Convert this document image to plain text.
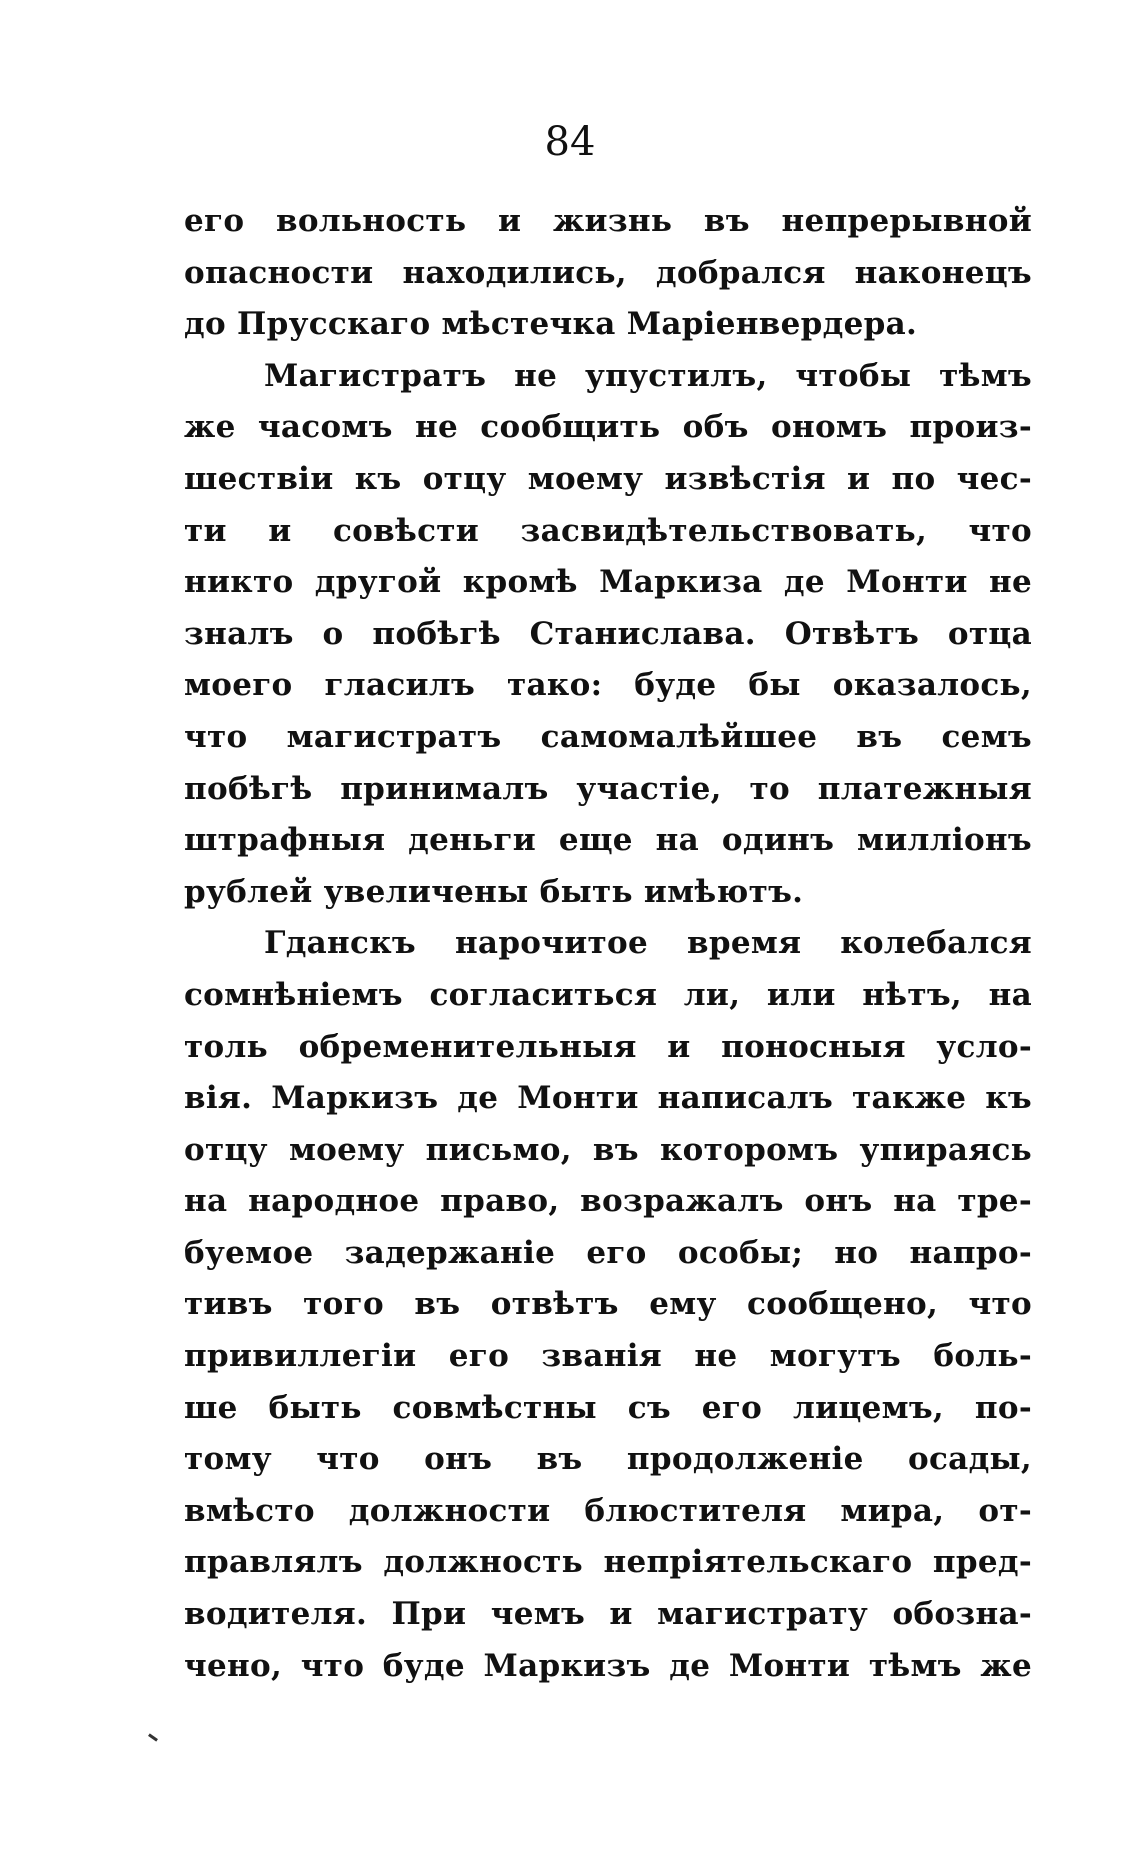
84
его вольность и жизнь въ непрерывной
опасности находились, добрался наконецъ
до Прусскаго мѣстечка Маріенвердера.
Магистратъ не упустилъ, чтобы тѣмъ
же часомъ не сообщить объ ономъ произ-
шествіи къ отцу моему извѣстія и по чес-
ти и совѣсти засвидѣтельствовать, что
никто другой кромѣ Маркиза де Монти не
зналъ о побѣгѣ Станислава. Отвѣтъ отца
моего гласилъ тако: буде бы оказалось,
что магистратъ самомалѣйшее въ семъ
побѣгѣ принималъ участіе, то платежныя
штрафныя деньги еще на одинъ милліонъ
рублей увеличены быть имѣютъ.
Гданскъ нарочитое время колебался
сомнѣніемъ согласиться ли, или нѣтъ, на
толь обременительныя и поносныя усло-
вія. Маркизъ де Монти написалъ также къ
отцу моему письмо, въ которомъ упираясь
на народное право, возражалъ онъ на тре-
буемое задержаніе его особы; но напро-
тивъ того въ отвѣтъ ему сообщено, что
привиллегіи его званія не могутъ боль-
ше быть совмѣстны съ его лицемъ, по-
тому что онъ въ продолженіе осады,
вмѣсто должности блюстителя мира, от-
правлялъ должность непріятельскаго пред-
водителя. При чемъ и магистрату обозна-
чено, что буде Маркизъ де Монти тѣмъ же
